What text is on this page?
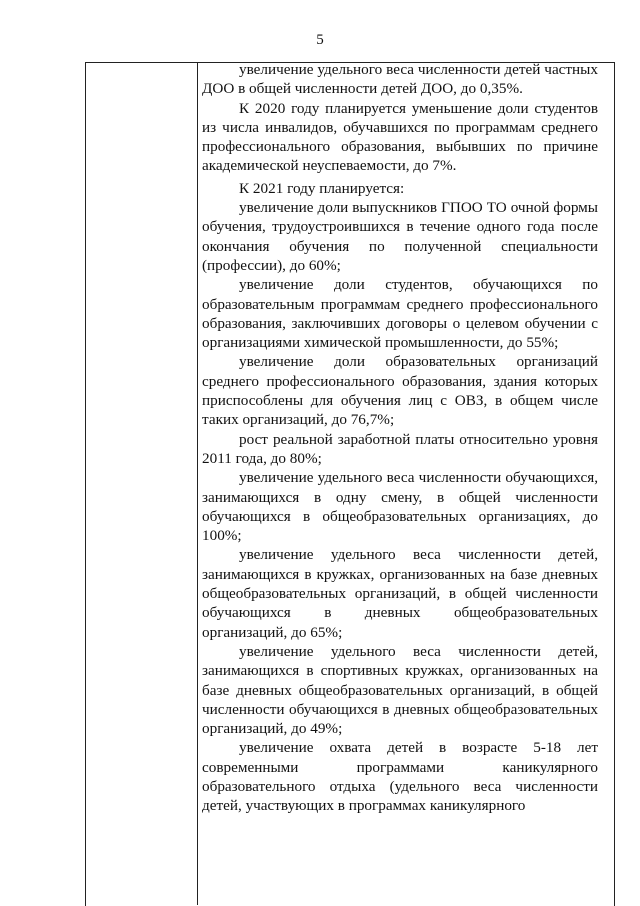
5

увеличение удельного веса численности детей частных ДОО в общей численности детей ДОО, до 0,35%.

К 2020 году планируется уменьшение доли студентов из числа инвалидов, обучавшихся по программам среднего профессионального образования, выбывших по причине академической неуспеваемости, до 7%.

К 2021 году планируется:

увеличение доли выпускников ГПОО ТО очной формы обучения, трудоустроившихся в течение одного года после окончания обучения по полученной специальности (профессии), до 60%;

увеличение доли студентов, обучающихся по образовательным программам среднего профессионального образования, заключивших договоры о целевом обучении с организациями химической промышленности, до 55%;

увеличение доли образовательных организаций среднего профессионального образования, здания которых приспособлены для обучения лиц с ОВЗ, в общем числе таких организаций, до 76,7%;

рост реальной заработной платы относительно уровня 2011 года, до 80%;

увеличение удельного веса численности обучающихся, занимающихся в одну смену, в общей численности обучающихся в общеобразовательных организациях, до 100%;

увеличение удельного веса численности детей, занимающихся в кружках, организованных на базе дневных общеобразовательных организаций, в общей численности обучающихся в дневных общеобразовательных организаций, до 65%;

увеличение удельного веса численности детей, занимающихся в спортивных кружках, организованных на базе дневных общеобразовательных организаций, в общей численности обучающихся в дневных общеобразовательных организаций, до 49%;

увеличение охвата детей в возрасте 5-18 лет современными программами каникулярного образовательного отдыха (удельного веса численности детей, участвующих в программах каникулярного
